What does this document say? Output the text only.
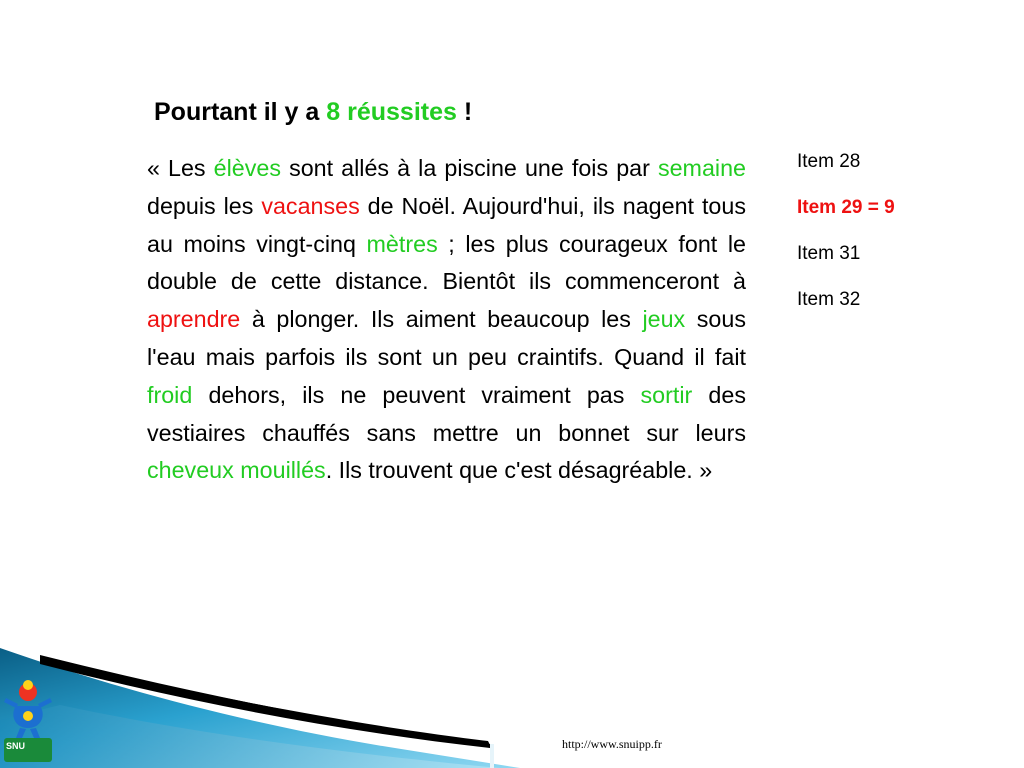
Pourtant il y a 8 réussites !
« Les élèves sont allés à la piscine une fois par semaine depuis les vacanses de Noël. Aujourd'hui, ils nagent tous au moins vingt-cinq mètres ; les plus courageux font le double de cette distance. Bientôt ils commenceront à aprendre à plonger. Ils aiment beaucoup les jeux sous l'eau mais parfois ils sont un peu craintifs. Quand il fait froid dehors, ils ne peuvent vraiment pas sortir des vestiaires chauffés sans mettre un bonnet sur leurs cheveux mouillés. Ils trouvent que c'est désagréable. »
Item 28
Item 29 = 9
Item 31
Item 32
SNU	http://www.snuipp.fr
